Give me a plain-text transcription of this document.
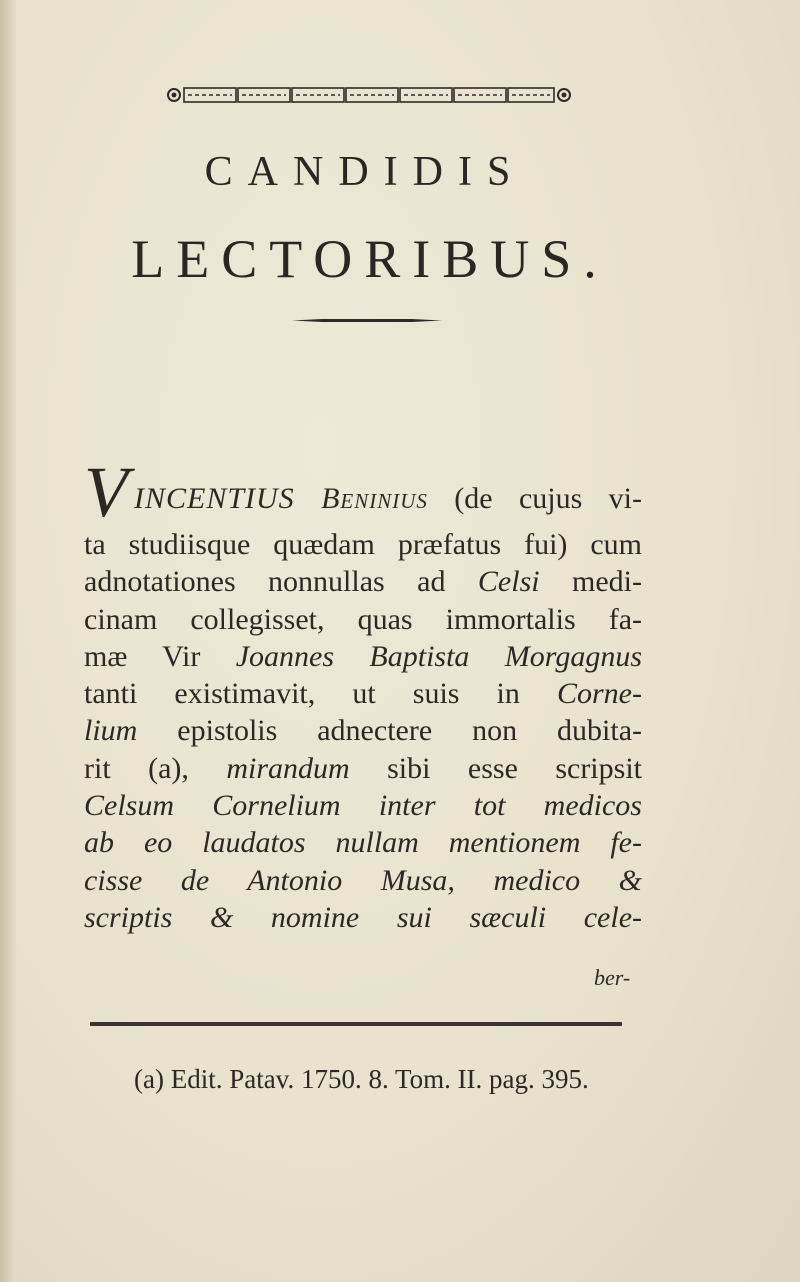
CANDIDIS
LECTORIBUS.
VINCENTIUS Beninius (de cujus vi-
ta studiisque quædam præfatus fui) cum
adnotationes nonnullas ad Celsi medi-
cinam collegisset, quas immortalis fa-
mæ Vir Joannes Baptista Morgagnus
tanti existimavit, ut suis in Corne-
lium epistolis adnectere non dubita-
rit (a), mirandum sibi esse scripsit
Celsum Cornelium inter tot medicos
ab eo laudatos nullam mentionem fe-
cisse de Antonio Musa, medico &
scriptis & nomine sui sæculi cele-
ber-
(a) Edit. Patav. 1750. 8. Tom. II. pag. 395.
